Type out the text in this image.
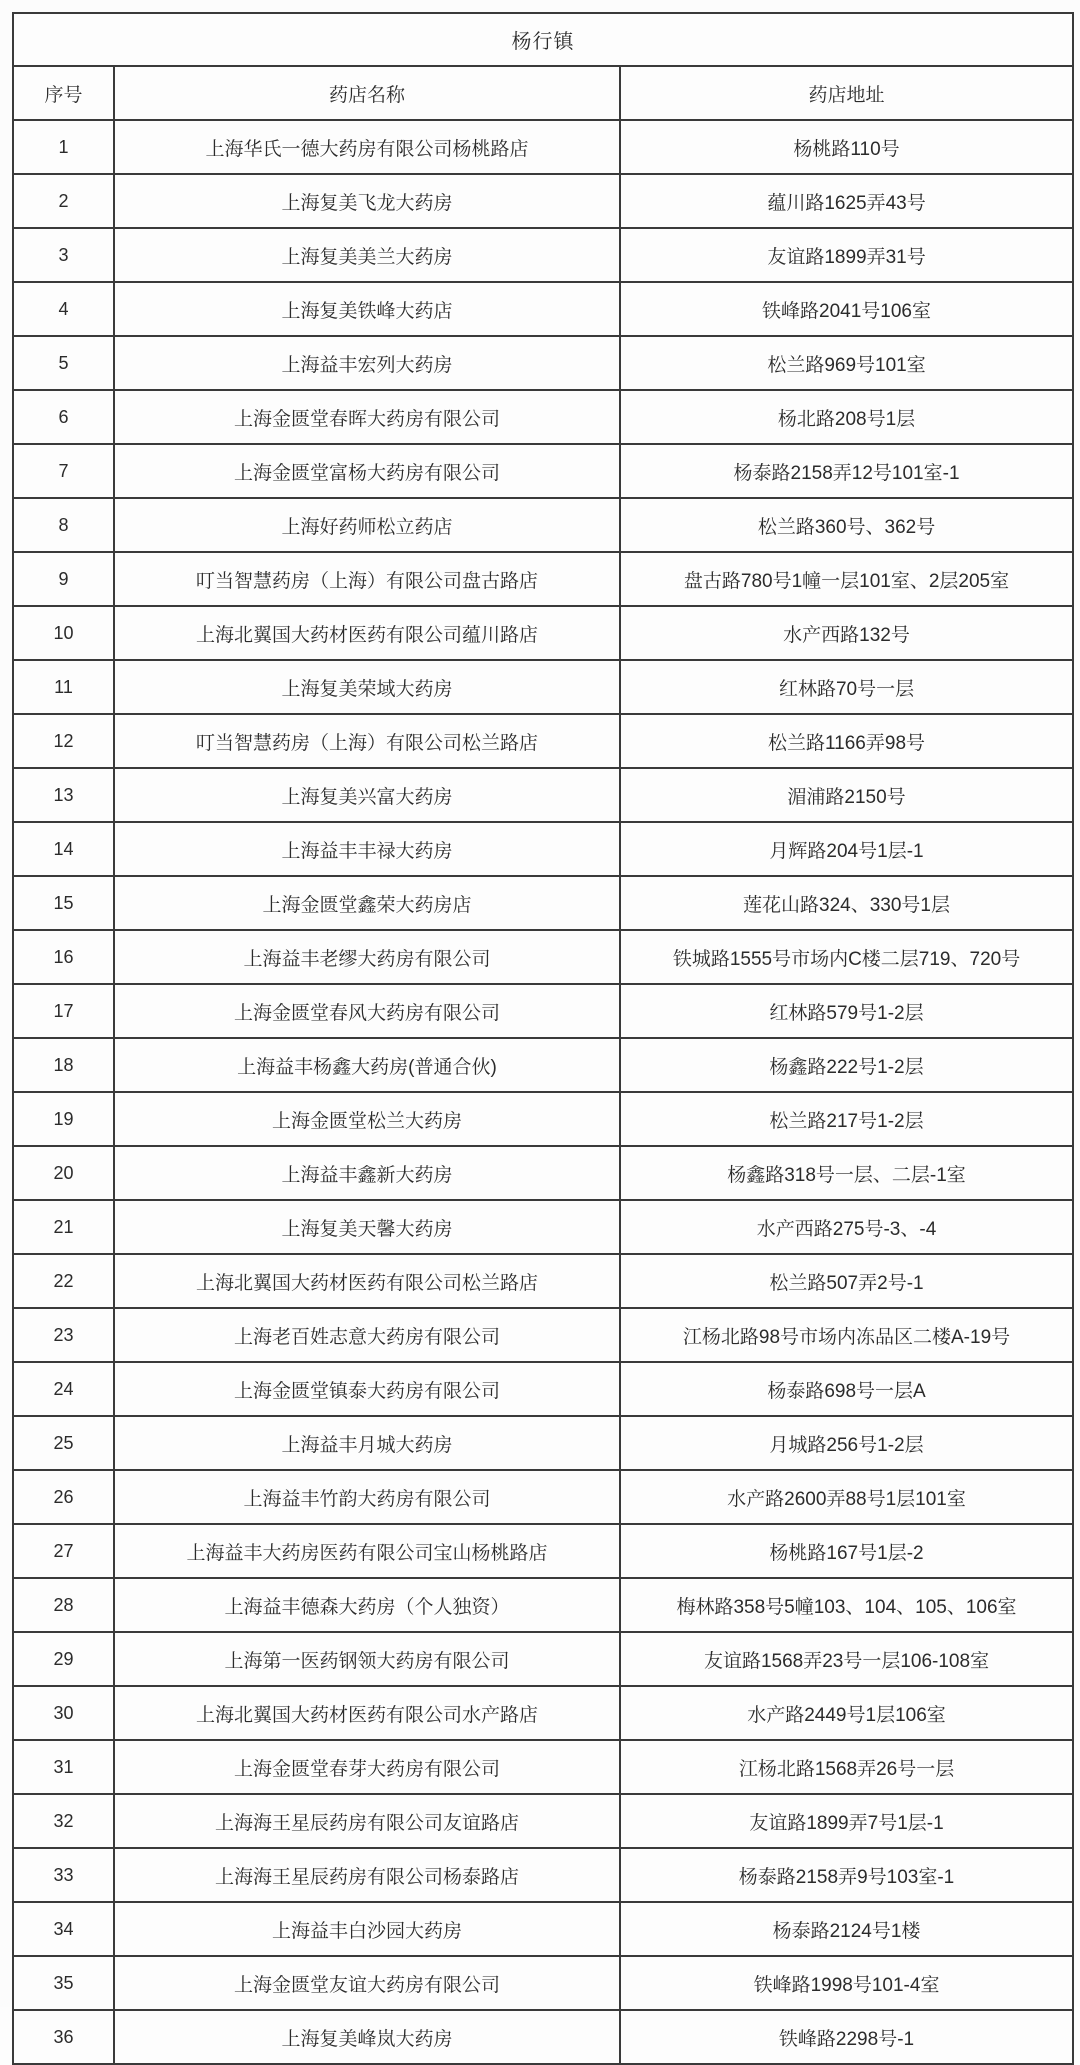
杨行镇		
序号	药店名称	药店地址
1	上海华氏一德大药房有限公司杨桃路店	杨桃路110号
2	上海复美飞龙大药房	蕴川路1625弄43号
3	上海复美美兰大药房	友谊路1899弄31号
4	上海复美铁峰大药店	铁峰路2041号106室
5	上海益丰宏列大药房	松兰路969号101室
6	上海金匮堂春晖大药房有限公司	杨北路208号1层
7	上海金匮堂富杨大药房有限公司	杨泰路2158弄12号101室-1
8	上海好药师松立药店	松兰路360号、362号
9	叮当智慧药房（上海）有限公司盘古路店	盘古路780号1幢一层101室、2层205室
10	上海北翼国大药材医药有限公司蕴川路店	水产西路132号
11	上海复美荣域大药房	红林路70号一层
12	叮当智慧药房（上海）有限公司松兰路店	松兰路1166弄98号
13	上海复美兴富大药房	湄浦路2150号
14	上海益丰丰禄大药房	月辉路204号1层-1
15	上海金匮堂鑫荣大药房店	莲花山路324、330号1层
16	上海益丰老缪大药房有限公司	铁城路1555号市场内C楼二层719、720号
17	上海金匮堂春风大药房有限公司	红林路579号1-2层
18	上海益丰杨鑫大药房(普通合伙)	杨鑫路222号1-2层
19	上海金匮堂松兰大药房	松兰路217号1-2层
20	上海益丰鑫新大药房	杨鑫路318号一层、二层-1室
21	上海复美天馨大药房	水产西路275号-3、-4
22	上海北翼国大药材医药有限公司松兰路店	松兰路507弄2号-1
23	上海老百姓志意大药房有限公司	江杨北路98号市场内冻品区二楼A-19号
24	上海金匮堂镇泰大药房有限公司	杨泰路698号一层A
25	上海益丰月城大药房	月城路256号1-2层
26	上海益丰竹韵大药房有限公司	水产路2600弄88号1层101室
27	上海益丰大药房医药有限公司宝山杨桃路店	杨桃路167号1层-2
28	上海益丰德森大药房（个人独资）	梅林路358号5幢103、104、105、106室
29	上海第一医药钢领大药房有限公司	友谊路1568弄23号一层106-108室
30	上海北翼国大药材医药有限公司水产路店	水产路2449号1层106室
31	上海金匮堂春芽大药房有限公司	江杨北路1568弄26号一层
32	上海海王星辰药房有限公司友谊路店	友谊路1899弄7号1层-1
33	上海海王星辰药房有限公司杨泰路店	杨泰路2158弄9号103室-1
34	上海益丰白沙园大药房	杨泰路2124号1楼
35	上海金匮堂友谊大药房有限公司	铁峰路1998号101-4室
36	上海复美峰岚大药房	铁峰路2298号-1
